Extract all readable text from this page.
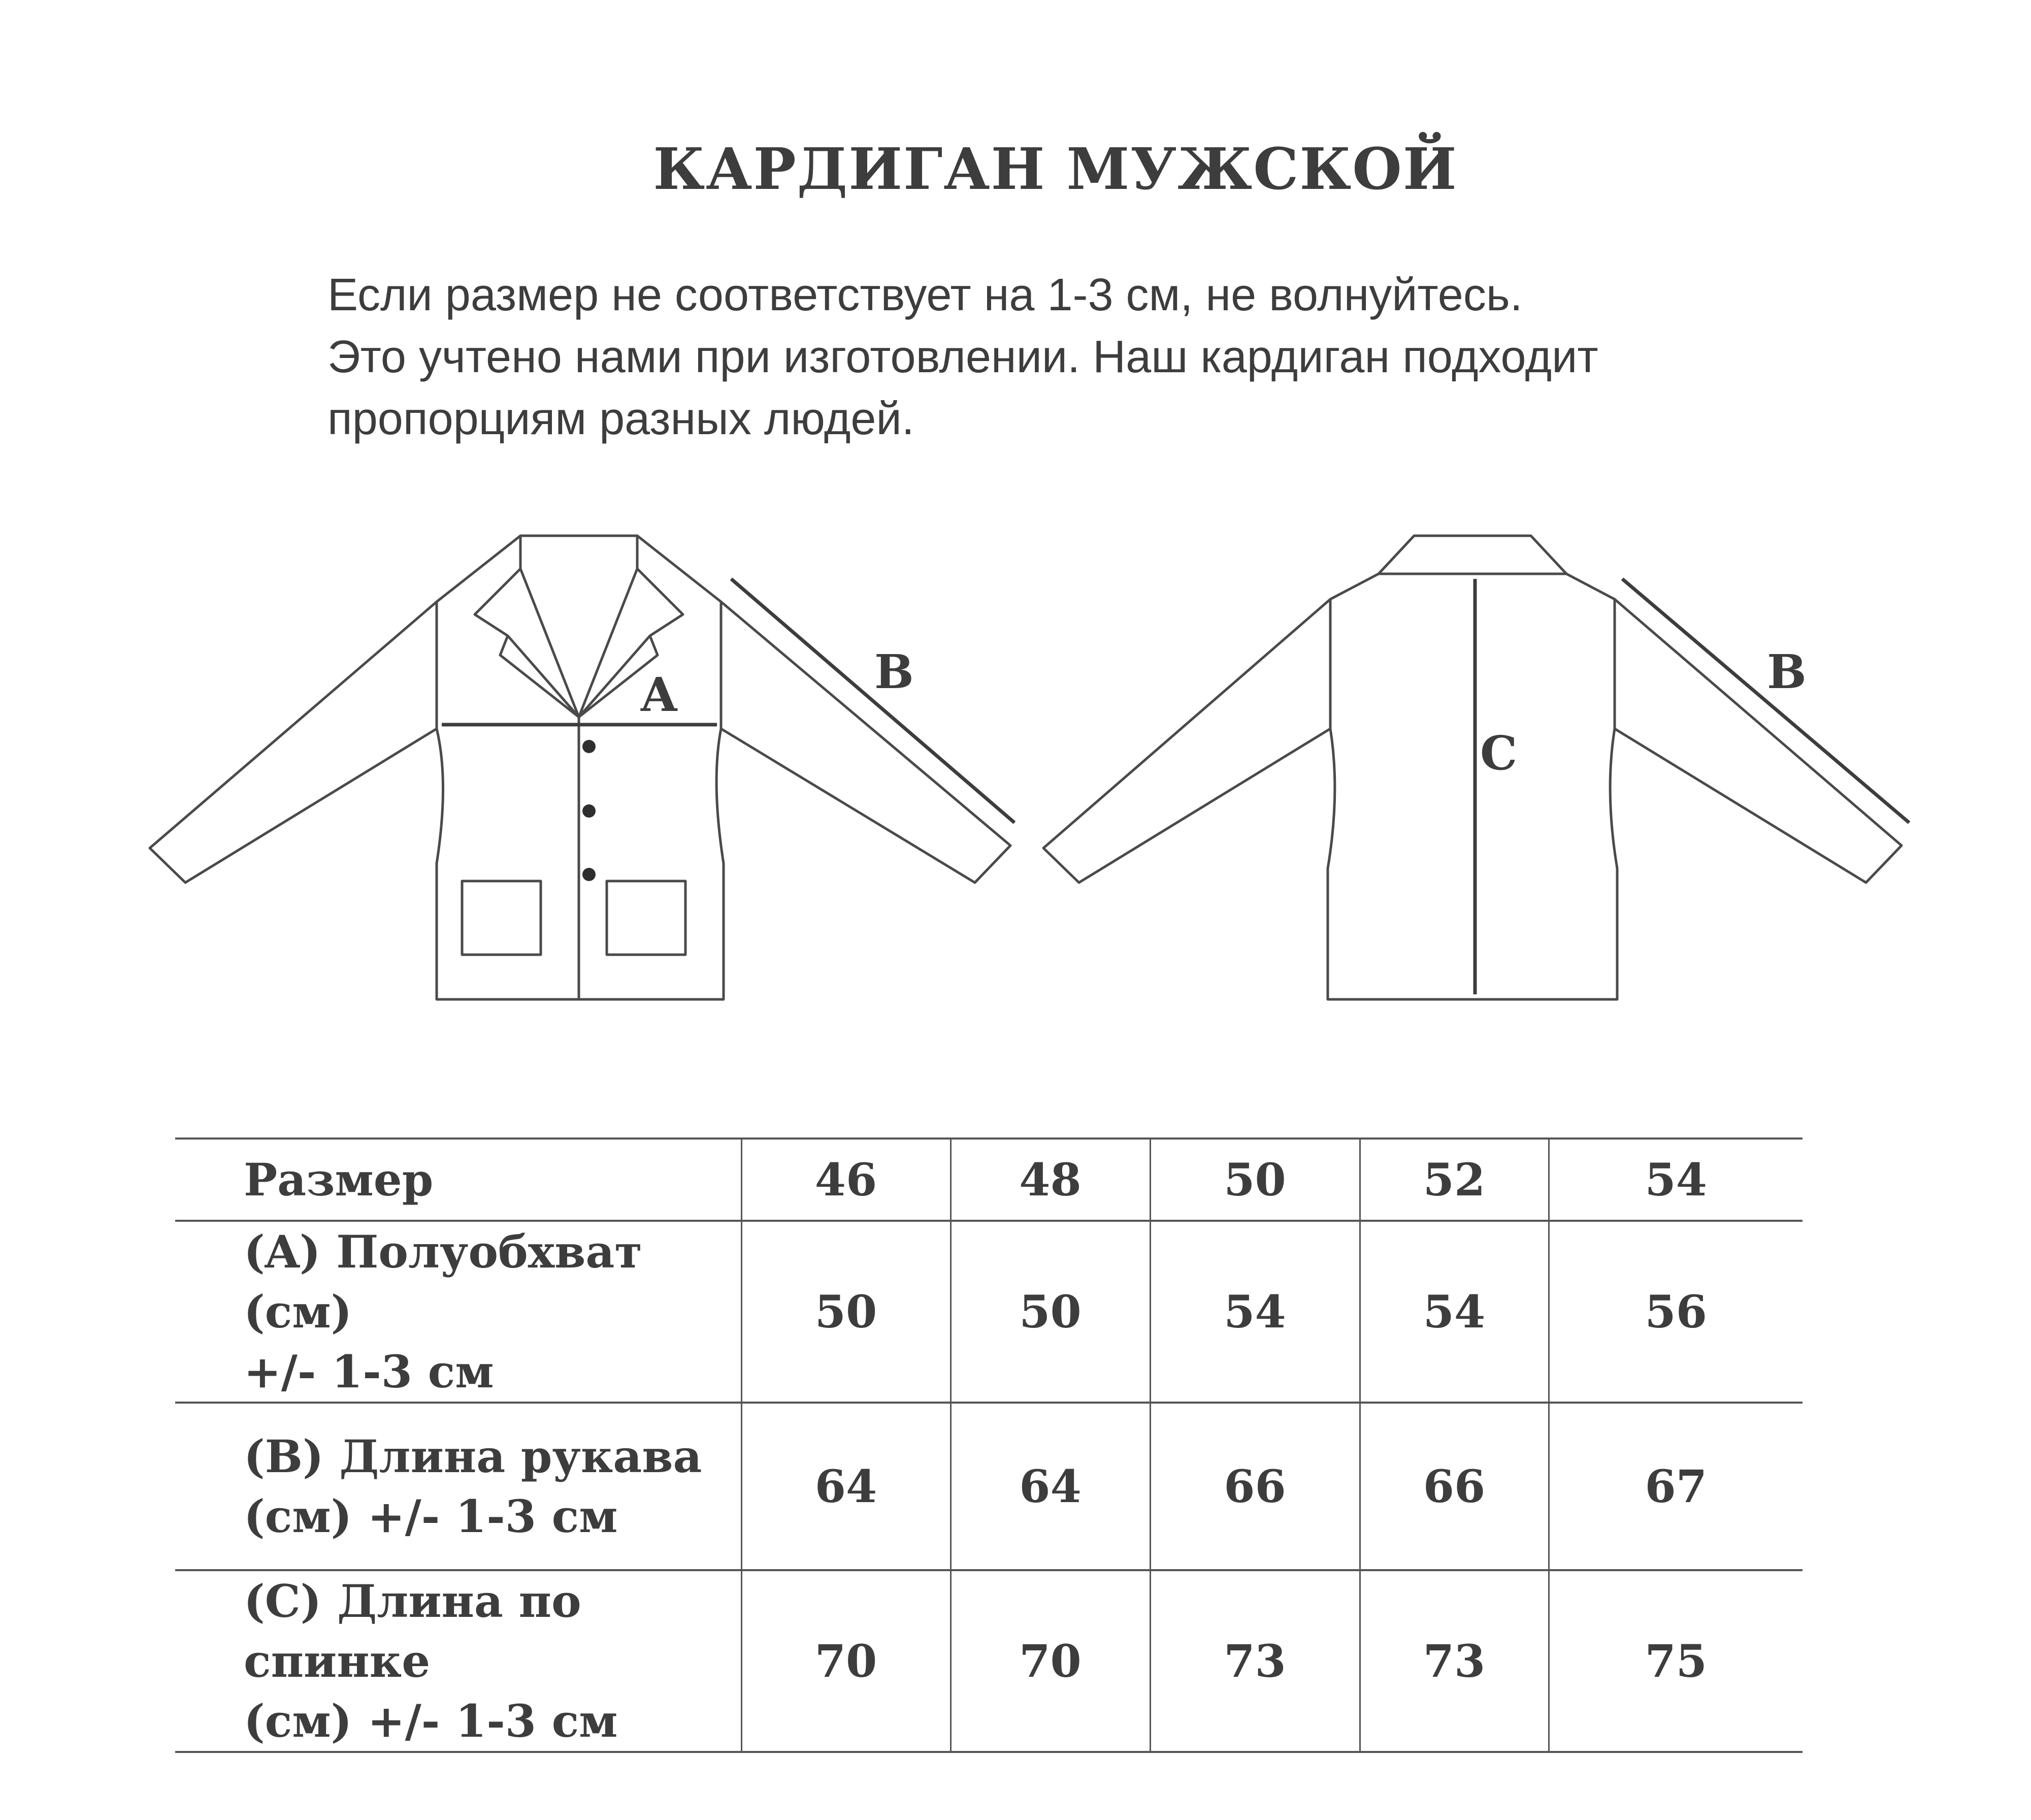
КАРДИГАН МУЖСКОЙ
Если размер не соответствует на 1-3 см, не волнуйтесь.
Это учтено нами при изготовлении. Наш кардиган подходит
пропорциям разных людей.
A	B
C
B
Размер	46	48	50	52	54

(A) Полуобхват (см)
+/- 1-3 см	50	50	54	54	56

(B) Длина рукава
(см) +/- 1-3 см	64	64	66	66	67

(C) Длина по спинке
(см) +/- 1-3 см	70	70	73	73	75
